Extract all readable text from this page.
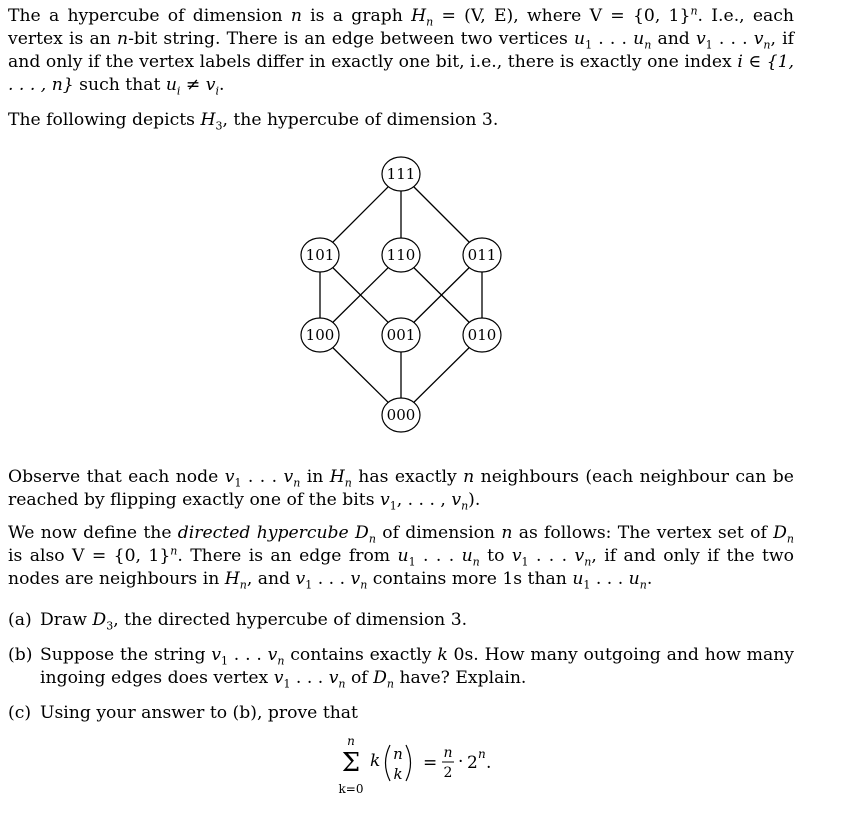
The a hypercube of dimension n is a graph $H_n = (V$, E), where V = {0, 1}$^n$. I.e., each vertex is an n-bit string. There is an edge between two vertices $u_1$ . . . $u_n$ and $v_1$ . . . $v_n$, if and only if the vertex labels differ in exactly one bit, i.e., there is exactly one index i ∈ {1, . . . , n} such that $u_i \ne v_i$.

The following depicts $H_3$, the hypercube of dimension 3.

111
101	110	011
100	001	010
000

Observe that each node $v_1$ . . . $v_n$ in $H_n$ has exactly n neighbours (each neighbour can be reached by flipping exactly one of the bits $v_1$, . . . , $v_n$).

We now define the directed hypercube $D_n$ of dimension n as follows: The vertex set of $D_n$ is also V = {0, 1}$^n$. There is an edge from $u_1$ . . . $u_n$ to $v_1$ . . . $v_n$, if and only if the two nodes are neighbours in $H_n$, and $v_1$ . . . $v_n$ contains more 1s than $u_1$ . . . $u_n$.

(a) Draw $D_3$, the directed hypercube of dimension 3.
(b) Suppose the string $v_1$ . . . $v_n$ contains exactly k 0s. How many outgoing and how many ingoing edges does vertex $v_1$ . . . $v_n$ of $D_n$ have? Explain.
(c) Using your answer to (b), prove that
n
Σ
k=0
k n
k
= n
2
· 2 n .
